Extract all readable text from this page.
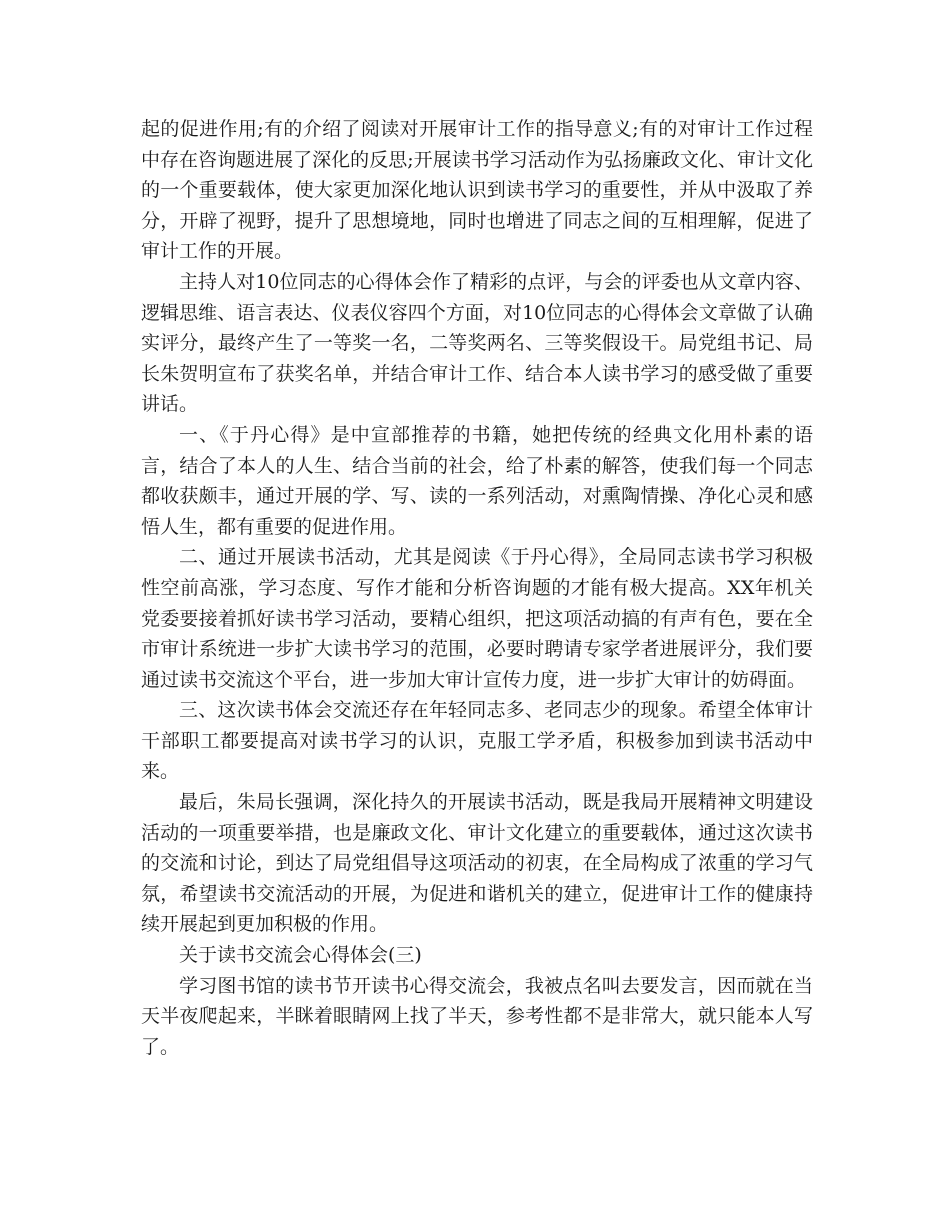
起的促进作用;有的介绍了阅读对开展审计工作的指导意义;有的对审计工作过程中存在咨询题进展了深化的反思;开展读书学习活动作为弘扬廉政文化、审计文化的一个重要载体，使大家更加深化地认识到读书学习的重要性，并从中汲取了养分，开辟了视野，提升了思想境地，同时也增进了同志之间的互相理解，促进了审计工作的开展。

主持人对10位同志的心得体会作了精彩的点评，与会的评委也从文章内容、逻辑思维、语言表达、仪表仪容四个方面，对10位同志的心得体会文章做了认确实评分，最终产生了一等奖一名，二等奖两名、三等奖假设干。局党组书记、局长朱贺明宣布了获奖名单，并结合审计工作、结合本人读书学习的感受做了重要讲话。

一、《于丹心得》是中宣部推荐的书籍，她把传统的经典文化用朴素的语言，结合了本人的人生、结合当前的社会，给了朴素的解答，使我们每一个同志都收获颇丰，通过开展的学、写、读的一系列活动，对熏陶情操、净化心灵和感悟人生，都有重要的促进作用。

二、通过开展读书活动，尤其是阅读《于丹心得》，全局同志读书学习积极性空前高涨，学习态度、写作才能和分析咨询题的才能有极大提高。XX年机关党委要接着抓好读书学习活动，要精心组织，把这项活动搞的有声有色，要在全市审计系统进一步扩大读书学习的范围，必要时聘请专家学者进展评分，我们要通过读书交流这个平台，进一步加大审计宣传力度，进一步扩大审计的妨碍面。

三、这次读书体会交流还存在年轻同志多、老同志少的现象。希望全体审计干部职工都要提高对读书学习的认识，克服工学矛盾，积极参加到读书活动中来。

最后，朱局长强调，深化持久的开展读书活动，既是我局开展精神文明建设活动的一项重要举措，也是廉政文化、审计文化建立的重要载体，通过这次读书的交流和讨论，到达了局党组倡导这项活动的初衷，在全局构成了浓重的学习气氛，希望读书交流活动的开展，为促进和谐机关的建立，促进审计工作的健康持续开展起到更加积极的作用。

关于读书交流会心得体会(三)

学习图书馆的读书节开读书心得交流会，我被点名叫去要发言，因而就在当天半夜爬起来，半眯着眼睛网上找了半天，参考性都不是非常大，就只能本人写了。
